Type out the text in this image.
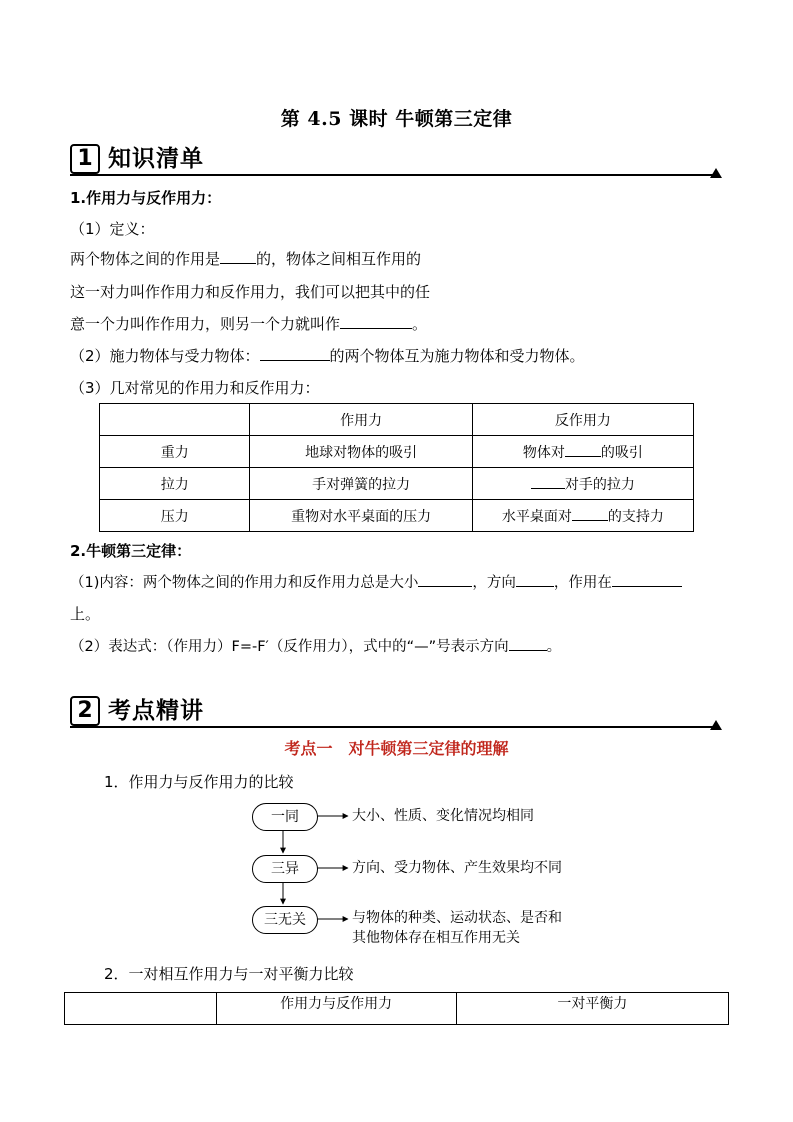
第 4.5 课时 牛顿第三定律
1 知识清单
1.作用力与反作用力：
（1）定义：
两个物体之间的作用是 的，物体之间相互作用的
这一对力叫作作用力和反作用力，我们可以把其中的任
意一个力叫作作用力，则另一个力就叫作	。
（2）施力物体与受力物体：	的两个物体互为施力物体和受力物体。
（3）几对常见的作用力和反作用力：
	作用力	反作用力
重力	地球对物体的吸引	物体对 的吸引
拉力	手对弹簧的拉力	对手的拉力
压力	重物对水平桌面的压力	水平桌面对 的支持力
2.牛顿第三定律：
（1)内容：两个物体之间的作用力和反作用力总是大小	，方向	，作用在
上。
（2）表达式：（作用力）F=-F′（反作用力），式中的“—”号表示方向	。
2 考点精讲
考点一　对牛顿第三定律的理解
1．作用力与反作用力的比较
一同	大小、性质、变化情况均相同
三异	方向、受力物体、产生效果均不同
三无关	与物体的种类、运动状态、是否和
其他物体存在相互作用无关
2．一对相互作用力与一对平衡力比较
	作用力与反作用力	一对平衡力
